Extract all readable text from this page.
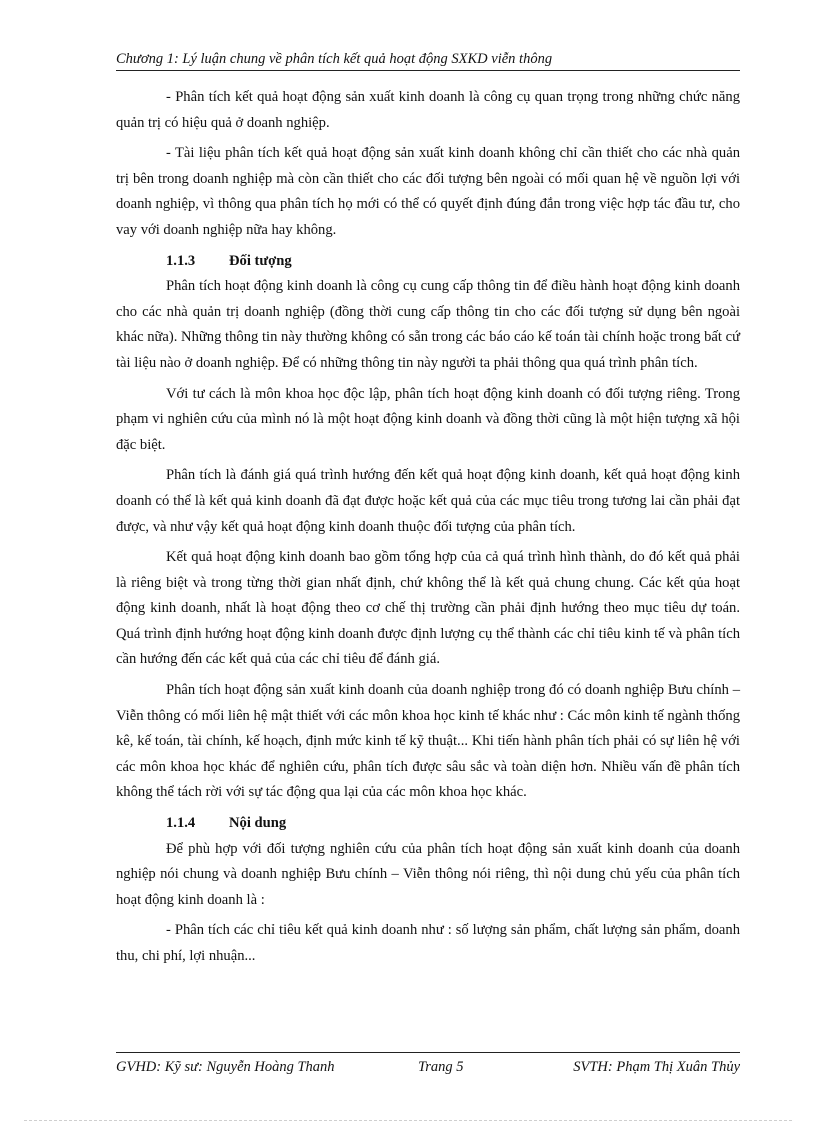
Chương 1: Lý luận chung về phân tích kết quả hoạt động SXKD viễn thông

- Phân tích kết quả hoạt động sản xuất kinh doanh là công cụ quan trọng trong những chức năng quản trị có hiệu quả ở doanh nghiệp.

- Tài liệu phân tích kết quả hoạt động sản xuất kinh doanh không chỉ cần thiết cho các nhà quản trị bên trong doanh nghiệp mà còn cần thiết cho các đối tượng bên ngoài có mối quan hệ về nguồn lợi với doanh nghiệp, vì thông qua phân tích họ mới có thể có quyết định đúng đắn trong việc hợp tác đầu tư, cho vay với doanh nghiệp nữa hay không.

1.1.3 Đối tượng

Phân tích hoạt động kinh doanh là công cụ cung cấp thông tin để điều hành hoạt động kinh doanh cho các nhà quản trị doanh nghiệp (đồng thời cung cấp thông tin cho các đối tượng sử dụng bên ngoài khác nữa). Những thông tin này thường không có sẵn trong các báo cáo kế toán tài chính hoặc trong bất cứ tài liệu nào ở doanh nghiệp. Để có những thông tin này người ta phải thông qua quá trình phân tích.

Với tư cách là môn khoa học độc lập, phân tích hoạt động kinh doanh có đối tượng riêng. Trong phạm vi nghiên cứu của mình nó là một hoạt động kinh doanh và đồng thời cũng là một hiện tượng xã hội đặc biệt.

Phân tích là đánh giá quá trình hướng đến kết quả hoạt động kinh doanh, kết quả hoạt động kinh doanh có thể là kết quả kinh doanh đã đạt được hoặc kết quả của các mục tiêu trong tương lai cần phải đạt được, và như vậy kết quả hoạt động kinh doanh thuộc đối tượng của phân tích.

Kết quả hoạt động kinh doanh bao gồm tổng hợp của cả quá trình hình thành, do đó kết quả phải là riêng biệt và trong từng thời gian nhất định, chứ không thể là kết quả chung chung. Các kết qủa hoạt động kinh doanh, nhất là hoạt động theo cơ chế thị trường cần phải định hướng theo mục tiêu dự toán. Quá trình định hướng hoạt động kinh doanh được định lượng cụ thể thành các chỉ tiêu kinh tế và phân tích cần hướng đến các kết quả của các chỉ tiêu để đánh giá.

Phân tích hoạt động sản xuất kinh doanh của doanh nghiệp trong đó có doanh nghiệp Bưu chính – Viễn thông có mối liên hệ mật thiết với các môn khoa học kinh tế khác như : Các môn kinh tế ngành thống kê, kế toán, tài chính, kế hoạch, định mức kinh tế kỹ thuật... Khi tiến hành phân tích phải có sự liên hệ với các môn khoa học khác để nghiên cứu, phân tích được sâu sắc và toàn diện hơn. Nhiều vấn đề phân tích không thể tách rời với sự tác động qua lại của các môn khoa học khác.

1.1.4 Nội dung

Để phù hợp với đối tượng nghiên cứu của phân tích hoạt động sản xuất kinh doanh của doanh nghiệp nói chung và doanh nghiệp Bưu chính – Viễn thông nói riêng, thì nội dung chủ yếu của phân tích hoạt động kinh doanh là :

- Phân tích các chỉ tiêu kết quả kinh doanh như : số lượng sản phẩm, chất lượng sản phẩm, doanh thu, chi phí, lợi nhuận...

GVHD: Kỹ sư: Nguyễn Hoàng Thanh	Trang 5	SVTH: Phạm Thị Xuân Thủy
